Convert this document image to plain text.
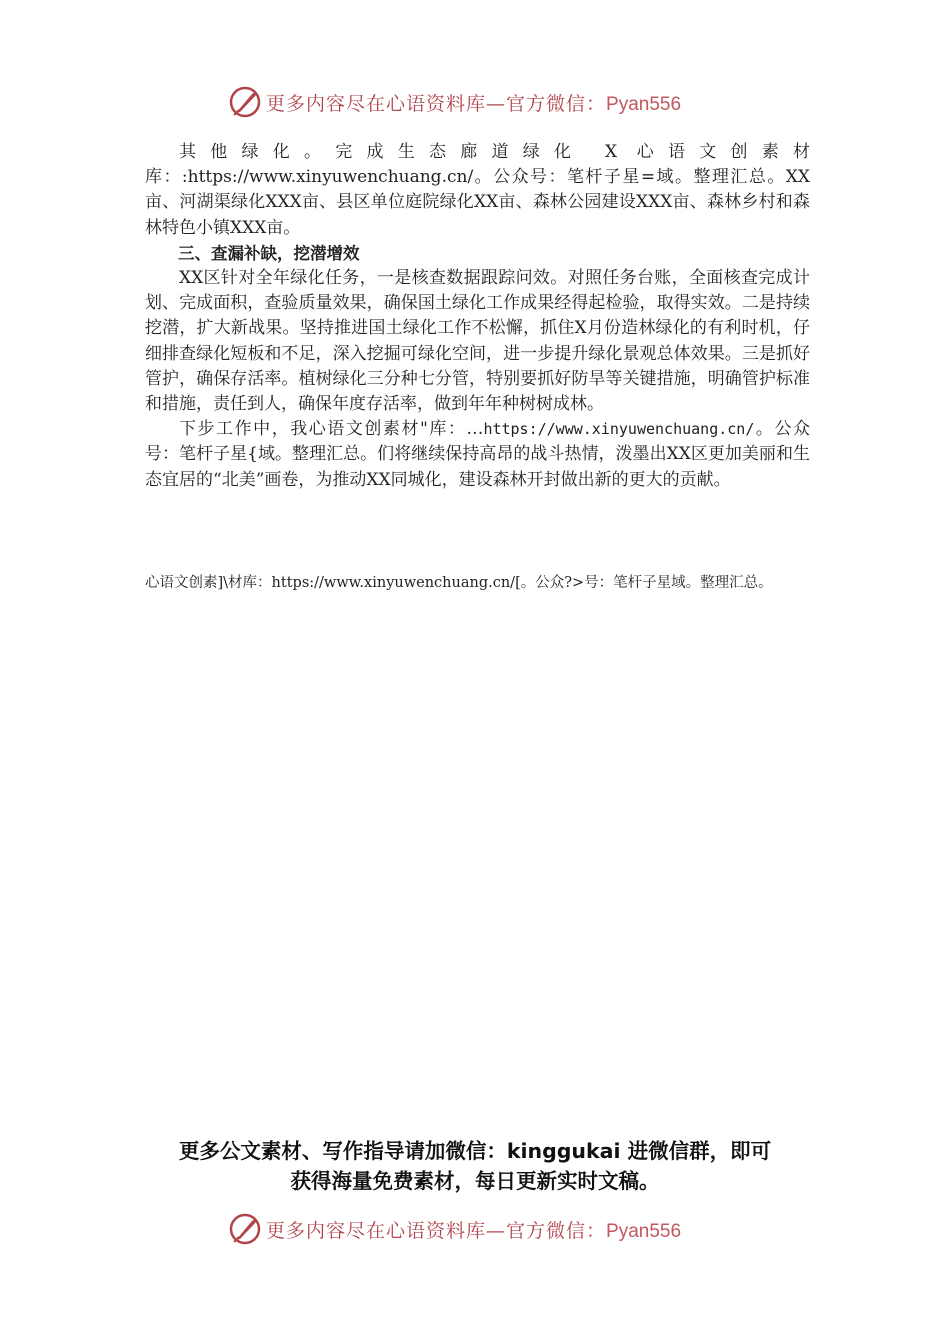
更多内容尽在心语资料库—官方微信：Pyan556

其他绿化。完成生态廊道绿化 X 心语文创素材库：:https://www.xinyuwenchuang.cn/。公众号：笔杆子星=域。整理汇总。XX亩、河湖渠绿化XXX亩、县区单位庭院绿化XX亩、森林公园建设XXX亩、森林乡村和森林特色小镇XXX亩。

三、查漏补缺，挖潜增效

XX区针对全年绿化任务，一是核查数据跟踪问效。对照任务台账，全面核查完成计划、完成面积，查验质量效果，确保国土绿化工作成果经得起检验，取得实效。二是持续挖潜，扩大新战果。坚持推进国土绿化工作不松懈，抓住X月份造林绿化的有利时机，仔细排查绿化短板和不足，深入挖掘可绿化空间，进一步提升绿化景观总体效果。三是抓好管护，确保存活率。植树绿化三分种七分管，特别要抓好防旱等关键措施，明确管护标准和措施，责任到人，确保年度存活率，做到年年种树树成林。

下步工作中，我心语文创素材"库：…https://www.xinyuwenchuang.cn/。公众号：笔杆子星{域。整理汇总。们将继续保持高昂的战斗热情，泼墨出XX区更加美丽和生态宜居的“北美”画卷，为推动XX同城化，建设森林开封做出新的更大的贡献。

心语文创素]\材库：https://www.xinyuwenchuang.cn/[。公众?>号：笔杆子星域。整理汇总。
更多公文素材、写作指导请加微信：kinggukai 进微信群，即可
获得海量免费素材，每日更新实时文稿。
更多内容尽在心语资料库—官方微信：Pyan556
